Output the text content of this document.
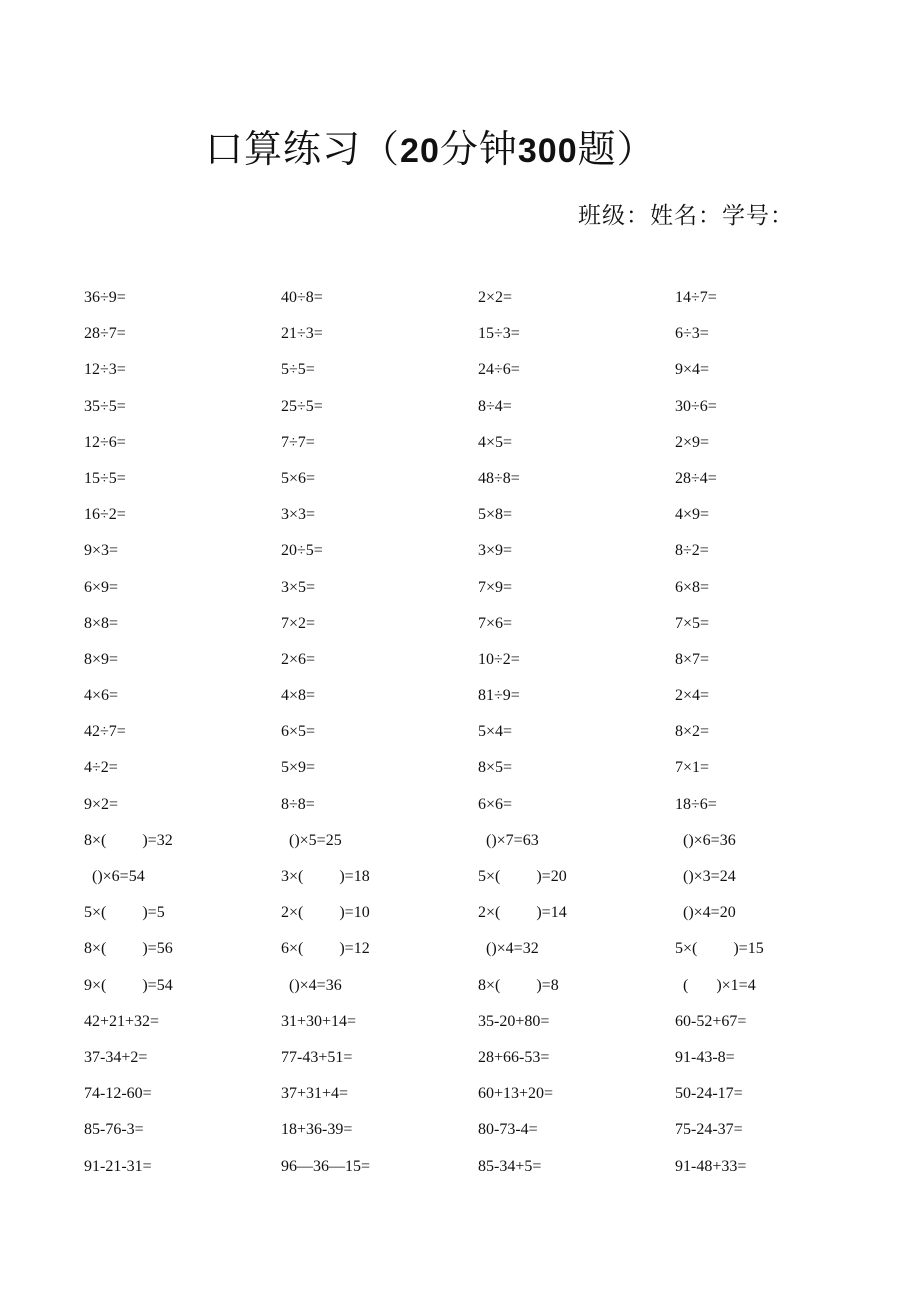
口算练习（20分钟300题）
班级：姓名：学号：
36÷9=	40÷8=	2×2=	14÷7=
28÷7=	21÷3=	15÷3=	6÷3=
12÷3=	5÷5=	24÷6=	9×4=
35÷5=	25÷5=	8÷4=	30÷6=
12÷6=	7÷7=	4×5=	2×9=
15÷5=	5×6=	48÷8=	28÷4=
16÷2=	3×3=	5×8=	4×9=
9×3=	20÷5=	3×9=	8÷2=
6×9=	3×5=	7×9=	6×8=
8×8=	7×2=	7×6=	7×5=
8×9=	2×6=	10÷2=	8×7=
4×6=	4×8=	81÷9=	2×4=
42÷7=	6×5=	5×4=	8×2=
4÷2=	5×9=	8×5=	7×1=
9×2=	8÷8=	6×6=	18÷6=
8×(         )=32	()×5=25	()×7=63	()×6=36
()×6=54	3×(         )=18	5×(         )=20	()×3=24
5×(         )=5	2×(         )=10	2×(         )=14	()×4=20
8×(         )=56	6×(         )=12	()×4=32	5×(         )=15
9×(         )=54	()×4=36	8×(         )=8	(       )×1=4
42+21+32=	31+30+14=	35-20+80=	60-52+67=
37-34+2=	77-43+51=	28+66-53=	91-43-8=
74-12-60=	37+31+4=	60+13+20=	50-24-17=
85-76-3=	18+36-39=	80-73-4=	75-24-37=
91-21-31=	96—36—15=	85-34+5=	91-48+33=
